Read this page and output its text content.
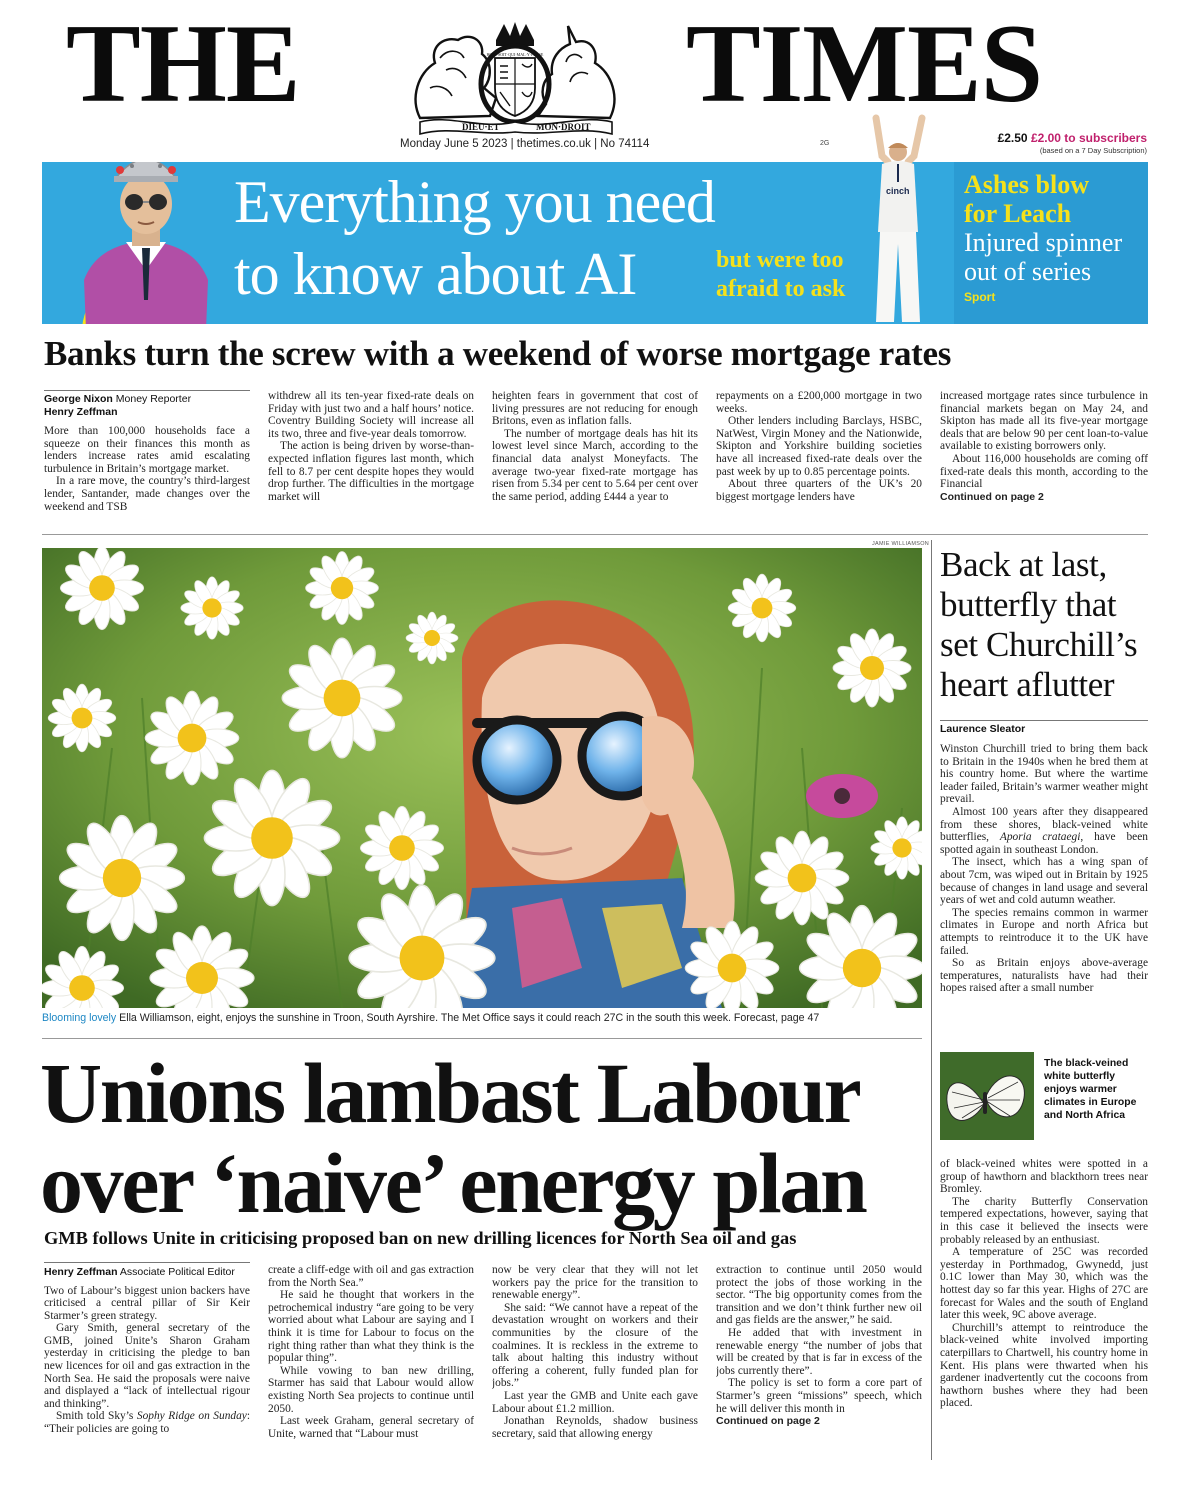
THE	TIMES
DIEU·ET	MON·DROIT
HONI·SOIT·QUI·MAL·Y·PENSE
Monday June 5 2023 | thetimes.co.uk | No 74114	2G	£2.50 £2.00 to subscribers
(based on a 7 Day Subscription)
cinch
Everything you need
to know about AI	but were too
afraid to ask
Ashes blow
for Leach
Injured spinner
out of series
Sport
Banks turn the screw with a weekend of worse mortgage rates
George Nixon Money Reporter
Henry Zeffman

More than 100,000 households face a squeeze on their finances this month as lenders increase rates amid escalating turbulence in Britain’s mortgage market.

In a rare move, the country’s third-largest lender, Santander, made changes over the weekend and TSB

withdrew all its ten-year fixed-rate deals on Friday with just two and a half hours’ notice. Coventry Building Society will increase all its two, three and five-year deals tomorrow.

The action is being driven by worse-than-expected inflation figures last month, which fell to 8.7 per cent despite hopes they would drop further. The difficulties in the mortgage market will

heighten fears in government that cost of living pressures are not reducing for enough Britons, even as inflation falls.

The number of mortgage deals has hit its lowest level since March, according to the financial data analyst Moneyfacts. The average two-year fixed-rate mortgage has risen from 5.34 per cent to 5.64 per cent over the same period, adding £444 a year to

repayments on a £200,000 mortgage in two weeks.

Other lenders including Barclays, HSBC, NatWest, Virgin Money and the Nationwide, Skipton and Yorkshire building societies have all increased fixed-rate deals over the past week by up to 0.85 percentage points.

About three quarters of the UK’s 20 biggest mortgage lenders have

increased mortgage rates since turbulence in financial markets began on May 24, and Skipton has made all its five-year mortgage deals that are below 90 per cent loan-to-value available to existing borrowers only.

About 116,000 households are coming off fixed-rate deals this month, according to the Financial

Continued on page 2
JAMIE WILLIAMSON
Blooming lovely Ella Williamson, eight, enjoys the sunshine in Troon, South Ayrshire. The Met Office says it could reach 27C in the south this week. Forecast, page 47
Back at last, butterfly that set Churchill’s heart aflutter
Laurence Sleator

Winston Churchill tried to bring them back to Britain in the 1940s when he bred them at his country home. But where the wartime leader failed, Britain’s warmer weather might prevail.

Almost 100 years after they disappeared from these shores, black-veined white butterflies, Aporia crataegi, have been spotted again in southeast London.

The insect, which has a wing span of about 7cm, was wiped out in Britain by 1925 because of changes in land usage and several years of wet and cold autumn weather.

The species remains common in warmer climates in Europe and north Africa but attempts to reintroduce it to the UK have failed.

So as Britain enjoys above-average temperatures, naturalists have had their hopes raised after a small number

The black-veined white butterfly enjoys warmer climates in Europe and North Africa

of black-veined whites were spotted in a group of hawthorn and blackthorn trees near Bromley.

The charity Butterfly Conservation tempered expectations, however, saying that in this case it believed the insects were probably released by an enthusiast.

A temperature of 25C was recorded yesterday in Porthmadog, Gwynedd, just 0.1C lower than May 30, which was the hottest day so far this year. Highs of 27C are forecast for Wales and the south of England later this week, 9C above average.

Churchill’s attempt to reintroduce the black-veined white involved importing caterpillars to Chartwell, his country home in Kent. His plans were thwarted when his gardener inadvertently cut the cocoons from hawthorn bushes where they had been placed.

Unions lambast Labour
over ‘naive’ energy plan
GMB follows Unite in criticising proposed ban on new drilling licences for North Sea oil and gas
Henry Zeffman Associate Political Editor

Two of Labour’s biggest union backers have criticised a central pillar of Sir Keir Starmer’s green strategy.

Gary Smith, general secretary of the GMB, joined Unite’s Sharon Graham yesterday in criticising the pledge to ban new licences for oil and gas extraction in the North Sea. He said the proposals were naive and displayed a “lack of intellectual rigour and thinking”.

Smith told Sky’s Sophy Ridge on Sunday: “Their policies are going to

create a cliff-edge with oil and gas extraction from the North Sea.”

He said he thought that workers in the petrochemical industry “are going to be very worried about what Labour are saying and I think it is time for Labour to focus on the right thing rather than what they think is the popular thing”.

While vowing to ban new drilling, Starmer has said that Labour would allow existing North Sea projects to continue until 2050.

Last week Graham, general secretary of Unite, warned that “Labour must

now be very clear that they will not let workers pay the price for the transition to renewable energy”.

She said: “We cannot have a repeat of the devastation wrought on workers and their communities by the closure of the coalmines. It is reckless in the extreme to talk about halting this industry without offering a coherent, fully funded plan for jobs.”

Last year the GMB and Unite each gave Labour about £1.2 million.

Jonathan Reynolds, shadow business secretary, said that allowing energy

extraction to continue until 2050 would protect the jobs of those working in the sector. “The big opportunity comes from the transition and we don’t think further new oil and gas fields are the answer,” he said.

He added that with investment in renewable energy “the number of jobs that will be created by that is far in excess of the jobs currently there”.

The policy is set to form a core part of Starmer’s green “missions” speech, which he will deliver this month in

Continued on page 2
